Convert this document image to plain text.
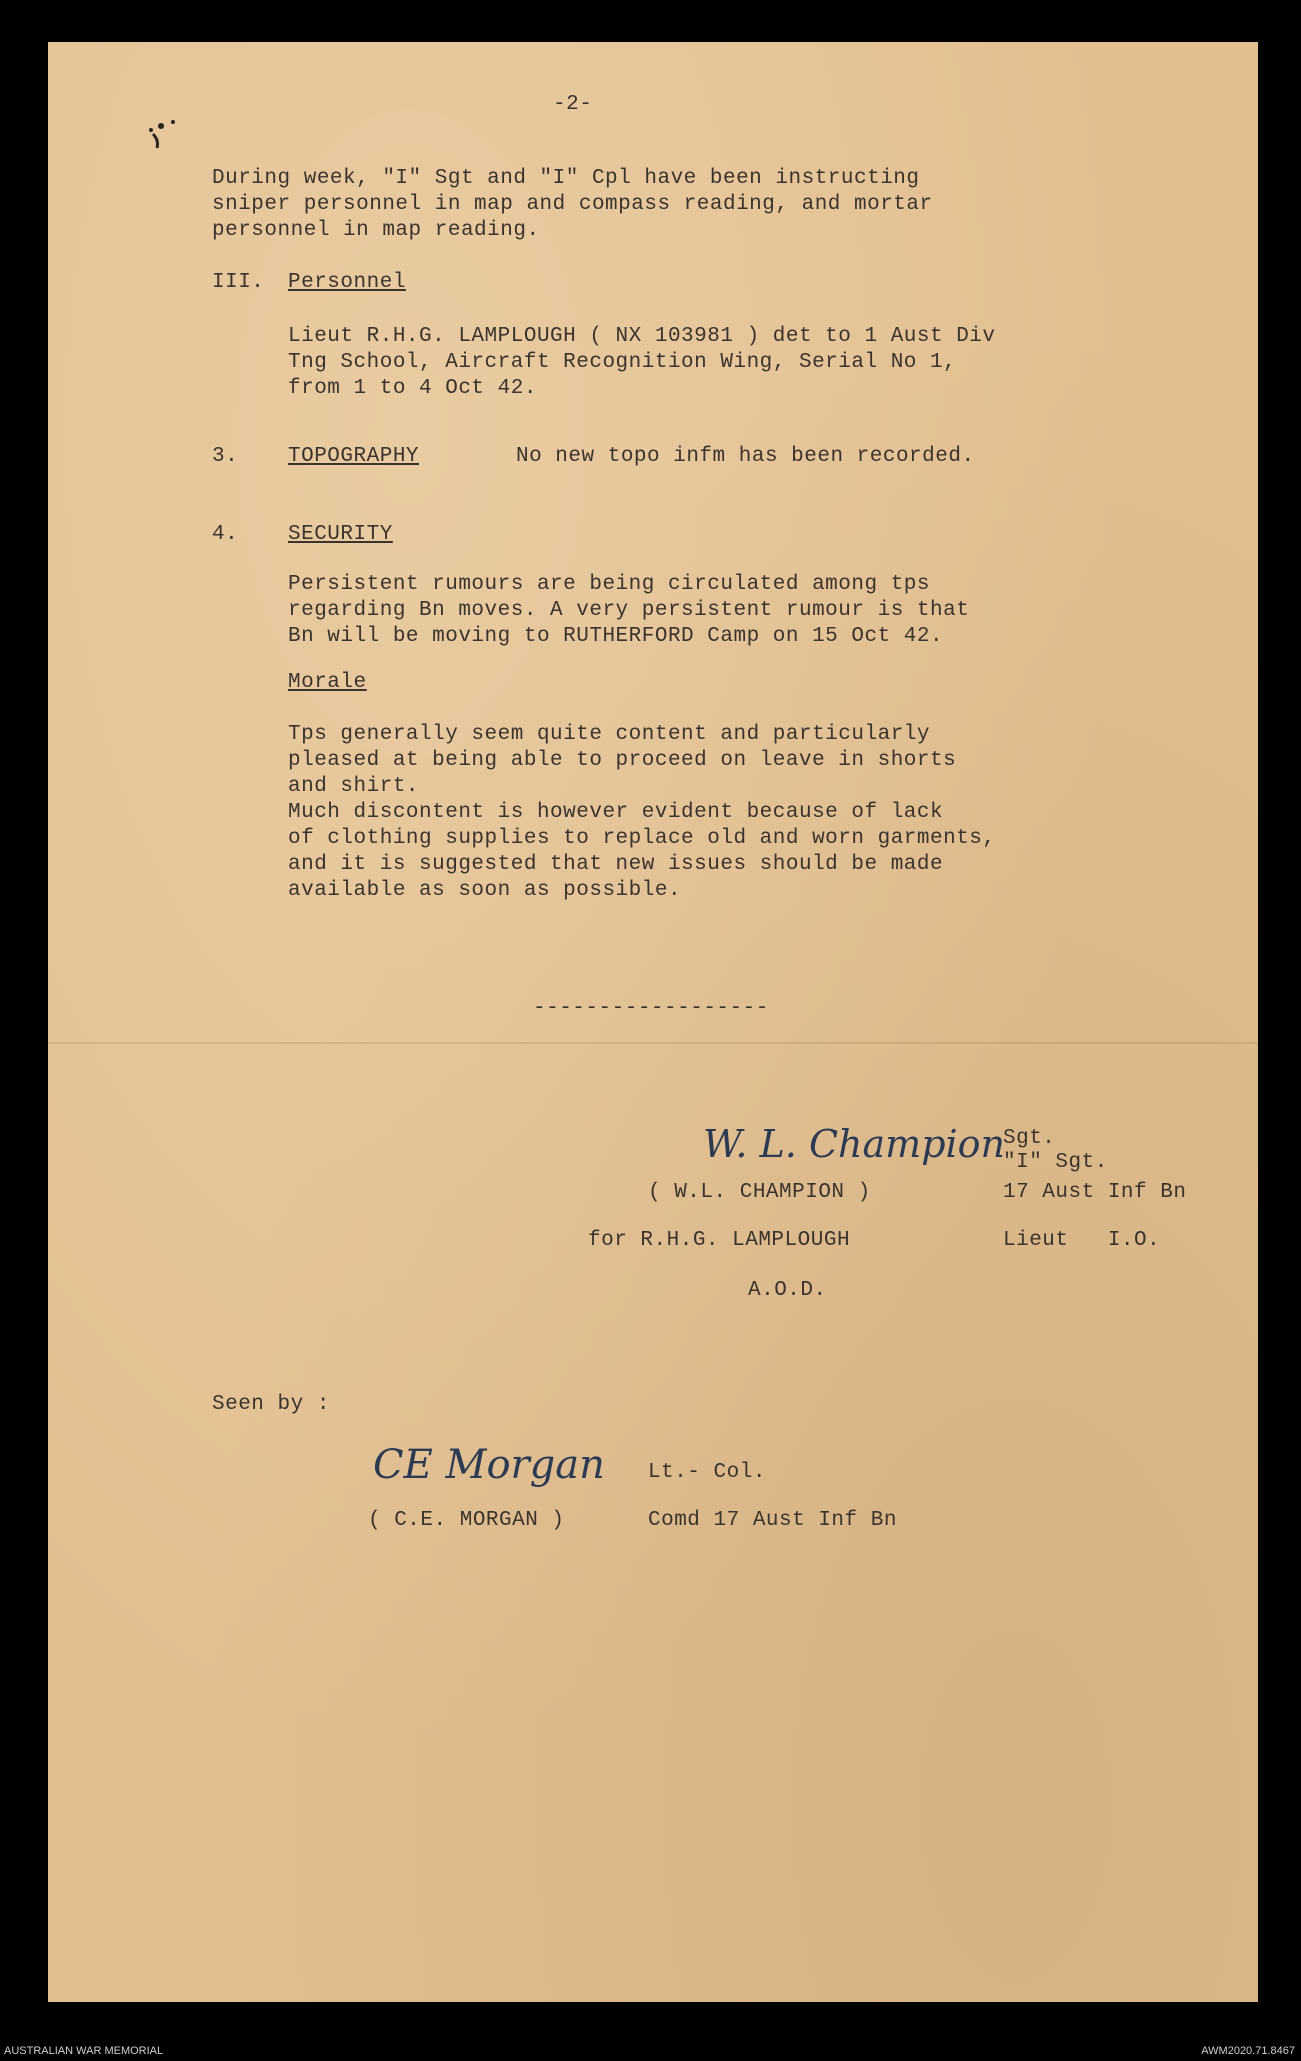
-2-
During week, "I" Sgt and "I" Cpl have been instructing
sniper personnel in map and compass reading, and mortar
personnel in map reading.
III. Personnel
Lieut R.H.G. LAMPLOUGH ( NX 103981 ) det to 1 Aust Div
Tng School, Aircraft Recognition Wing, Serial No 1,
from 1 to 4 Oct 42.
3. TOPOGRAPHY	No new topo infm has been recorded.
4. SECURITY
Persistent rumours are being circulated among tps
regarding Bn moves. A very persistent rumour is that
Bn will be moving to RUTHERFORD Camp on 15 Oct 42.
Morale
Tps generally seem quite content and particularly
pleased at being able to proceed on leave in shorts
and shirt.
Much discontent is however evident because of lack
of clothing supplies to replace old and worn garments,
and it is suggested that new issues should be made
available as soon as possible.
------------------
W. L. Champion
Sgt.
"I" Sgt.
( W.L. CHAMPION )	17 Aust Inf Bn
for R.H.G. LAMPLOUGH	Lieut   I.O.
A.O.D.
Seen by :
CE Morgan Lt.- Col.
( C.E. MORGAN )	Comd 17 Aust Inf Bn
AUSTRALIAN WAR MEMORIAL	AWM2020.71.8467
